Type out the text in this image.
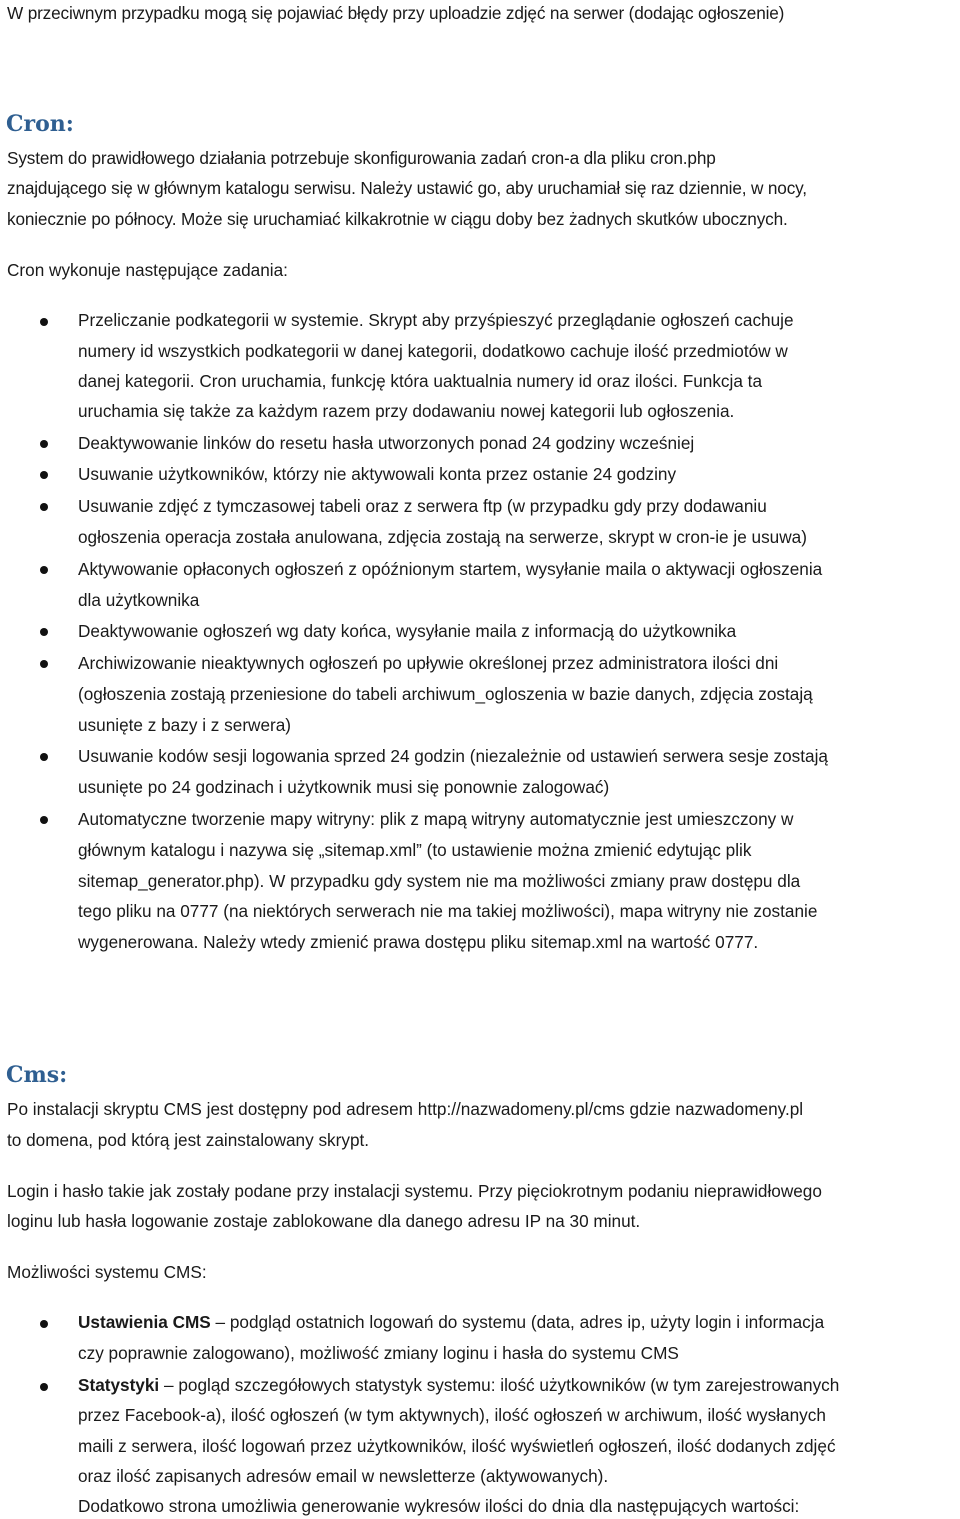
W przeciwnym przypadku mogą się pojawiać błędy przy uploadzie zdjęć na serwer (dodając ogłoszenie)
Cron:
System do prawidłowego działania potrzebuje skonfigurowania zadań cron-a dla pliku cron.php
znajdującego się w głównym katalogu serwisu. Należy ustawić go, aby uruchamiał się raz dziennie, w nocy,
koniecznie po północy. Może się uruchamiać kilkakrotnie w ciągu doby bez żadnych skutków ubocznych.
Cron wykonuje następujące zadania:
Przeliczanie podkategorii w systemie. Skrypt aby przyśpieszyć przeglądanie ogłoszeń cachuje
numery id wszystkich podkategorii w danej kategorii, dodatkowo cachuje ilość przedmiotów w
danej kategorii. Cron uruchamia, funkcję która uaktualnia numery id oraz ilości. Funkcja ta
uruchamia się także za każdym razem przy dodawaniu nowej kategorii lub ogłoszenia.
Deaktywowanie linków do resetu hasła utworzonych ponad 24 godziny wcześniej
Usuwanie użytkowników, którzy nie aktywowali konta przez ostanie 24 godziny
Usuwanie zdjęć z tymczasowej tabeli oraz z serwera ftp (w przypadku gdy przy dodawaniu
ogłoszenia operacja została anulowana, zdjęcia zostają na serwerze, skrypt w cron-ie je usuwa)
Aktywowanie opłaconych ogłoszeń z opóźnionym startem, wysyłanie maila o aktywacji ogłoszenia
dla użytkownika
Deaktywowanie ogłoszeń wg daty końca, wysyłanie maila z informacją do użytkownika
Archiwizowanie nieaktywnych ogłoszeń po upływie określonej przez administratora ilości dni
(ogłoszenia zostają przeniesione do tabeli archiwum_ogloszenia w bazie danych, zdjęcia zostają
usunięte z bazy i z serwera)
Usuwanie kodów sesji logowania sprzed 24 godzin (niezależnie od ustawień serwera sesje zostają
usunięte po 24 godzinach i użytkownik musi się ponownie zalogować)
Automatyczne tworzenie mapy witryny: plik z mapą witryny automatycznie jest umieszczony w
głównym katalogu i nazywa się „sitemap.xml” (to ustawienie można zmienić edytując plik
sitemap_generator.php). W przypadku gdy system nie ma możliwości zmiany praw dostępu dla
tego pliku na 0777 (na niektórych serwerach nie ma takiej możliwości), mapa witryny nie zostanie
wygenerowana. Należy wtedy zmienić prawa dostępu pliku sitemap.xml na wartość 0777.
Cms:
Po instalacji skryptu CMS jest dostępny pod adresem http://nazwadomeny.pl/cms gdzie nazwadomeny.pl
to domena, pod którą jest zainstalowany skrypt.
Login i hasło takie jak zostały podane przy instalacji systemu. Przy pięciokrotnym podaniu nieprawidłowego
loginu lub hasła logowanie zostaje zablokowane dla danego adresu IP na 30 minut.
Możliwości systemu CMS:
Ustawienia CMS – podgląd ostatnich logowań do systemu (data, adres ip, użyty login i informacja
czy poprawnie zalogowano), możliwość zmiany loginu i hasła do systemu CMS
Statystyki – pogląd szczegółowych statystyk systemu: ilość użytkowników (w tym zarejestrowanych
przez Facebook-a), ilość ogłoszeń (w tym aktywnych), ilość ogłoszeń w archiwum, ilość wysłanych
maili z serwera, ilość logowań przez użytkowników, ilość wyświetleń ogłoszeń, ilość dodanych zdjęć
oraz ilość zapisanych adresów email w newsletterze (aktywowanych).
Dodatkowo strona umożliwia generowanie wykresów ilości do dnia dla następujących wartości:
